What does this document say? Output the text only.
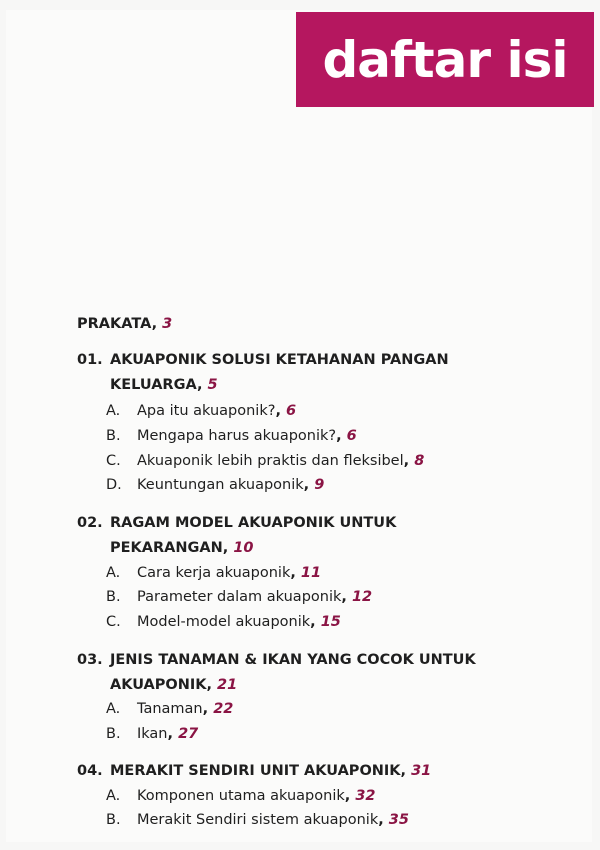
daftar isi
PRAKATA, 3
01. AKUAPONIK SOLUSI KETAHANAN PANGAN
KELUARGA, 5
A. Apa itu akuaponik?, 6
B. Mengapa harus akuaponik?, 6
C. Akuaponik lebih praktis dan fleksibel, 8
D. Keuntungan akuaponik, 9
02. RAGAM MODEL AKUAPONIK UNTUK
PEKARANGAN, 10
A. Cara kerja akuaponik, 11
B. Parameter dalam akuaponik, 12
C. Model-model akuaponik, 15
03. JENIS TANAMAN & IKAN YANG COCOK UNTUK
AKUAPONIK, 21
A. Tanaman, 22
B. Ikan, 27
04. MERAKIT SENDIRI UNIT AKUAPONIK, 31
A. Komponen utama akuaponik, 32
B. Merakit Sendiri sistem akuaponik, 35
